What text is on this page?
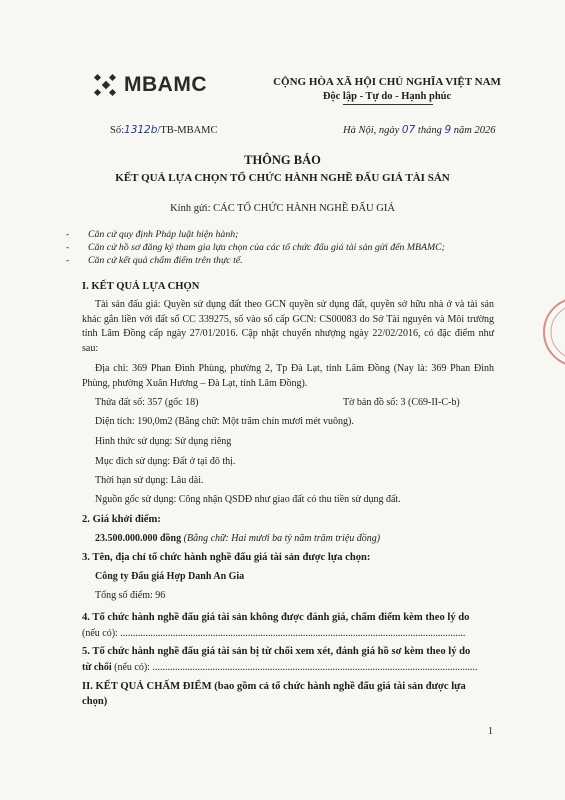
MBAMC	CỘNG HÒA XÃ HỘI CHỦ NGHĨA VIỆT NAM
Độc lập - Tự do - Hạnh phúc
Số:1312b/TB-MBAMC	Hà Nội, ngày 07 tháng 9 năm 2026
THÔNG BÁO
KẾT QUẢ LỰA CHỌN TỔ CHỨC HÀNH NGHỀ ĐẤU GIÁ TÀI SẢN
Kính gửi: CÁC TỔ CHỨC HÀNH NGHỀ ĐẤU GIÁ
- Căn cứ quy định Pháp luật hiện hành;
- Căn cứ hồ sơ đăng ký tham gia lựa chọn của các tổ chức đấu giá tài sản gửi đến MBAMC;
- Căn cứ kết quả chấm điểm trên thực tế.
I. KẾT QUẢ LỰA CHỌN
Tài sản đấu giá: Quyền sử dụng đất theo GCN quyền sử dụng đất, quyền sở hữu nhà ở và tài sản khác gắn liền với đất số CC 339275, số vào sổ cấp GCN: CS00083 do Sở Tài nguyên và Môi trường tỉnh Lâm Đồng cấp ngày 27/01/2016. Cập nhật chuyển nhượng ngày 22/02/2016, có đặc điểm như sau:
Địa chỉ: 369 Phan Đình Phùng, phường 2, Tp Đà Lạt, tỉnh Lâm Đồng (Nay là: 369 Phan Đình Phùng, phường Xuân Hương – Đà Lạt, tỉnh Lâm Đồng).
Thửa đất số: 357 (gốc 18)	Tờ bản đồ số: 3 (C69-II-C-b)
Diện tích: 190,0m2 (Bằng chữ: Một trăm chín mươi mét vuông).
Hình thức sử dụng: Sử dụng riêng
Mục đích sử dụng: Đất ở tại đô thị.
Thời hạn sử dụng: Lâu dài.
Nguồn gốc sử dụng: Công nhận QSDĐ như giao đất có thu tiền sử dụng đất.
2. Giá khởi điểm:
23.500.000.000 đồng (Bằng chữ: Hai mươi ba tỷ năm trăm triệu đồng)
3. Tên, địa chỉ tổ chức hành nghề đấu giá tài sản được lựa chọn:
Công ty Đấu giá Hợp Danh An Gia
Tổng số điểm: 96
4. Tổ chức hành nghề đấu giá tài sản không được đánh giá, chấm điểm kèm theo lý do
(nếu có): ..........................................................................................................................................
5. Tổ chức hành nghề đấu giá tài sản bị từ chối xem xét, đánh giá hồ sơ kèm theo lý do
từ chối (nếu có): ..................................................................................................................................
II. KẾT QUẢ CHẤM ĐIỂM (bao gồm cả tổ chức hành nghề đấu giá tài sản được lựa
chọn)
1
